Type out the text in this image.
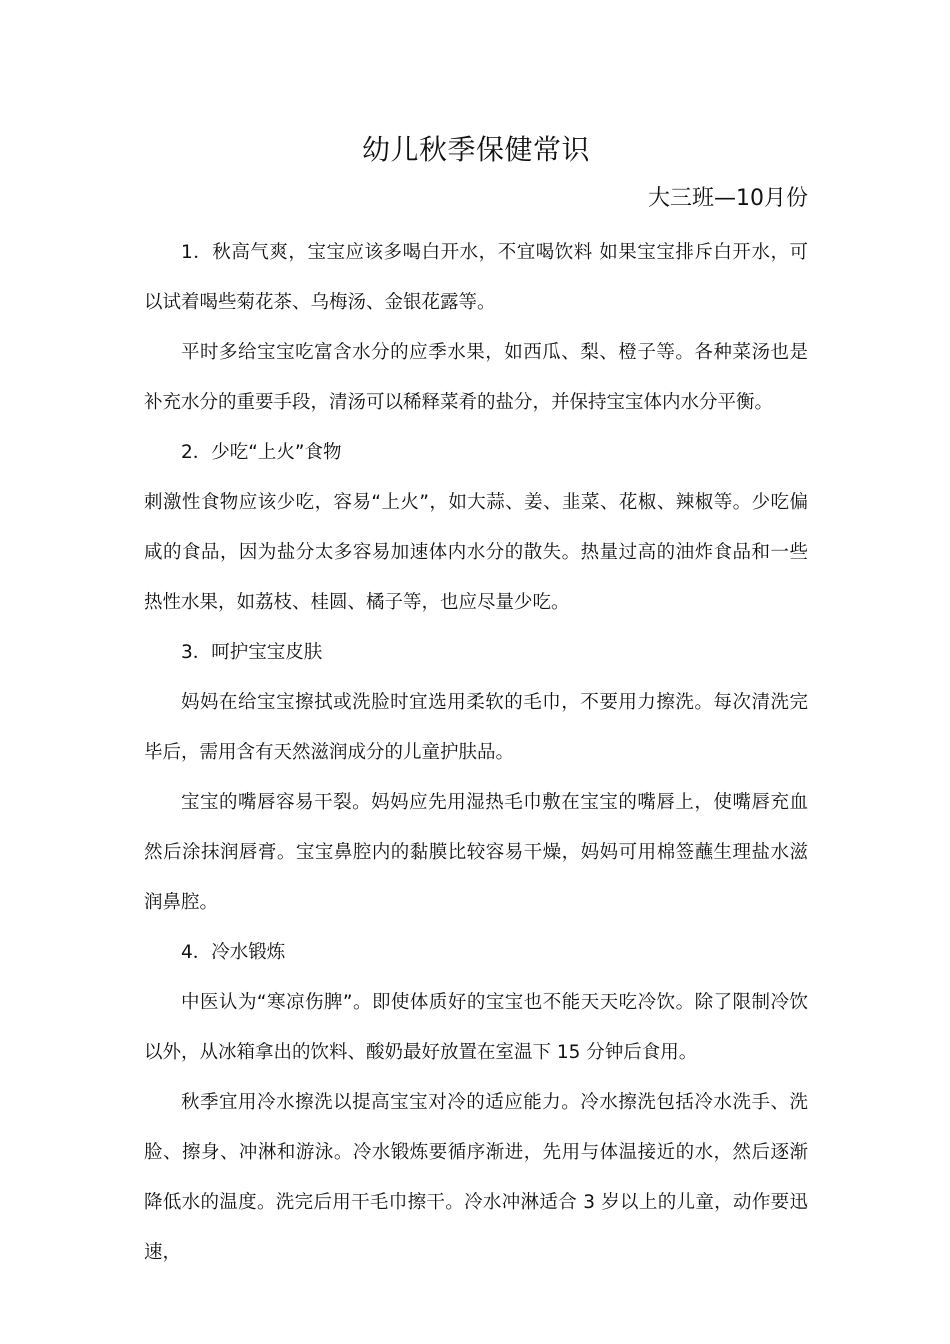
幼儿秋季保健常识

大三班—10月份

1．秋高气爽，宝宝应该多喝白开水，不宜喝饮料 如果宝宝排斥白开水，可以试着喝些菊花茶、乌梅汤、金银花露等。

平时多给宝宝吃富含水分的应季水果，如西瓜、梨、橙子等。各种菜汤也是补充水分的重要手段，清汤可以稀释菜肴的盐分，并保持宝宝体内水分平衡。

2．少吃“上火”食物

刺激性食物应该少吃，容易“上火”，如大蒜、姜、韭菜、花椒、辣椒等。少吃偏咸的食品，因为盐分太多容易加速体内水分的散失。热量过高的油炸食品和一些热性水果，如荔枝、桂圆、橘子等，也应尽量少吃。

3．呵护宝宝皮肤

妈妈在给宝宝擦拭或洗脸时宜选用柔软的毛巾，不要用力擦洗。每次清洗完毕后，需用含有天然滋润成分的儿童护肤品。

宝宝的嘴唇容易干裂。妈妈应先用湿热毛巾敷在宝宝的嘴唇上，使嘴唇充血然后涂抹润唇膏。宝宝鼻腔内的黏膜比较容易干燥，妈妈可用棉签蘸生理盐水滋润鼻腔。

4．冷水锻炼

中医认为“寒凉伤脾”。即使体质好的宝宝也不能天天吃冷饮。除了限制冷饮以外，从冰箱拿出的饮料、酸奶最好放置在室温下 15 分钟后食用。

秋季宜用冷水擦洗以提高宝宝对冷的适应能力。冷水擦洗包括冷水洗手、洗脸、擦身、冲淋和游泳。冷水锻炼要循序渐进，先用与体温接近的水，然后逐渐降低水的温度。洗完后用干毛巾擦干。冷水冲淋适合 3 岁以上的儿童，动作要迅速，
